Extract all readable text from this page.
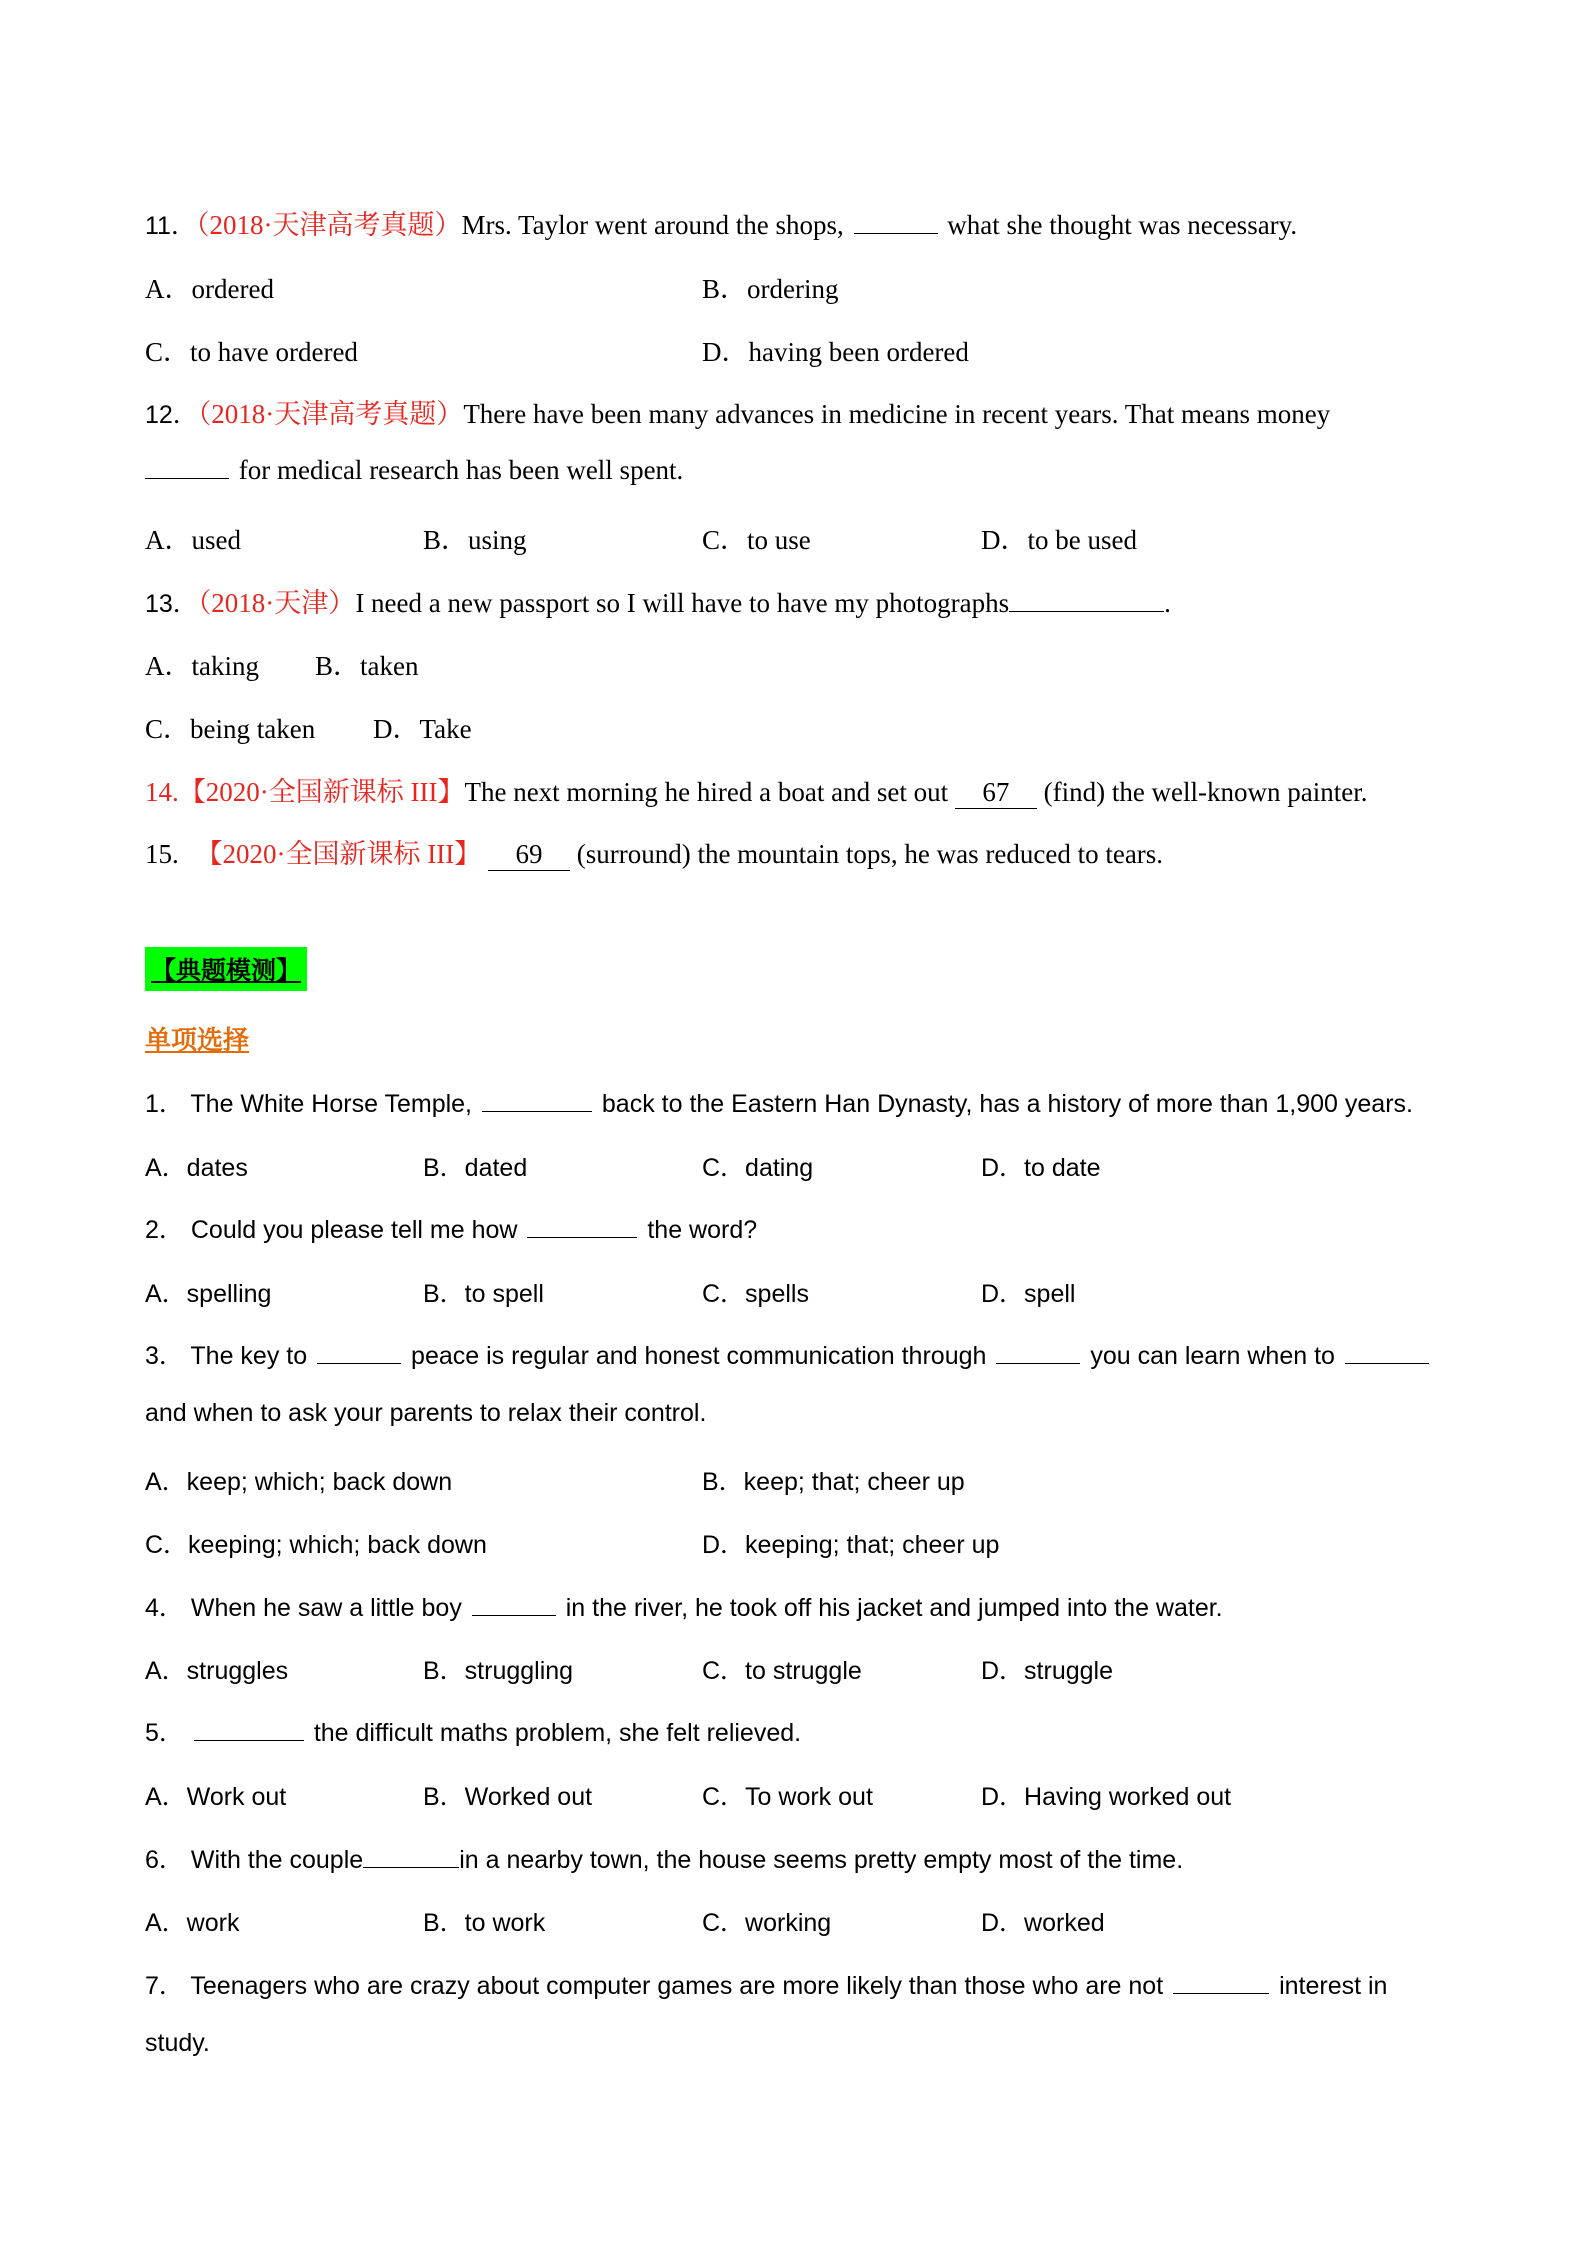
11．（2018·天津高考真题）Mrs. Taylor went around the shops,	what she thought was necessary.
A．ordered	B．ordering
C．to have ordered	D．having been ordered
12．（2018·天津高考真题）There have been many advances in medicine in recent years. That means money
for medical research has been well spent.
A．used	B．using	C．to use	D．to be used
13．（2018·天津）I need a new passport so I will have to have my photographs	.
A．taking B．taken
C．being taken D．Take
14.【2020·全国新课标 III】The next morning he hired a boat and set out 67 (find) the well-known painter.
15. 【2020·全国新课标 III】 69 (surround) the mountain tops, he was reduced to tears.
【典题模测】
单项选择
1． The White Horse Temple,	back to the Eastern Han Dynasty, has a history of more than 1,900 years.
A．dates	B．dated	C．dating	D．to date
2． Could you please tell me how	the word?
A．spelling	B．to spell	C．spells	D．spell
3． The key to	peace is regular and honest communication through	you can learn when to
and when to ask your parents to relax their control.
A．keep; which; back down	B．keep; that; cheer up
C．keeping; which; back down	D．keeping; that; cheer up
4． When he saw a little boy	in the river, he took off his jacket and jumped into the water.
A．struggles	B．struggling	C．to struggle	D．struggle
5．	the difficult maths problem, she felt relieved.
A．Work out	B．Worked out	C．To work out	D．Having worked out
6． With the couple	in a nearby town, the house seems pretty empty most of the time.
A．work	B．to work	C．working	D．worked
7． Teenagers who are crazy about computer games are more likely than those who are not	interest in
study.
